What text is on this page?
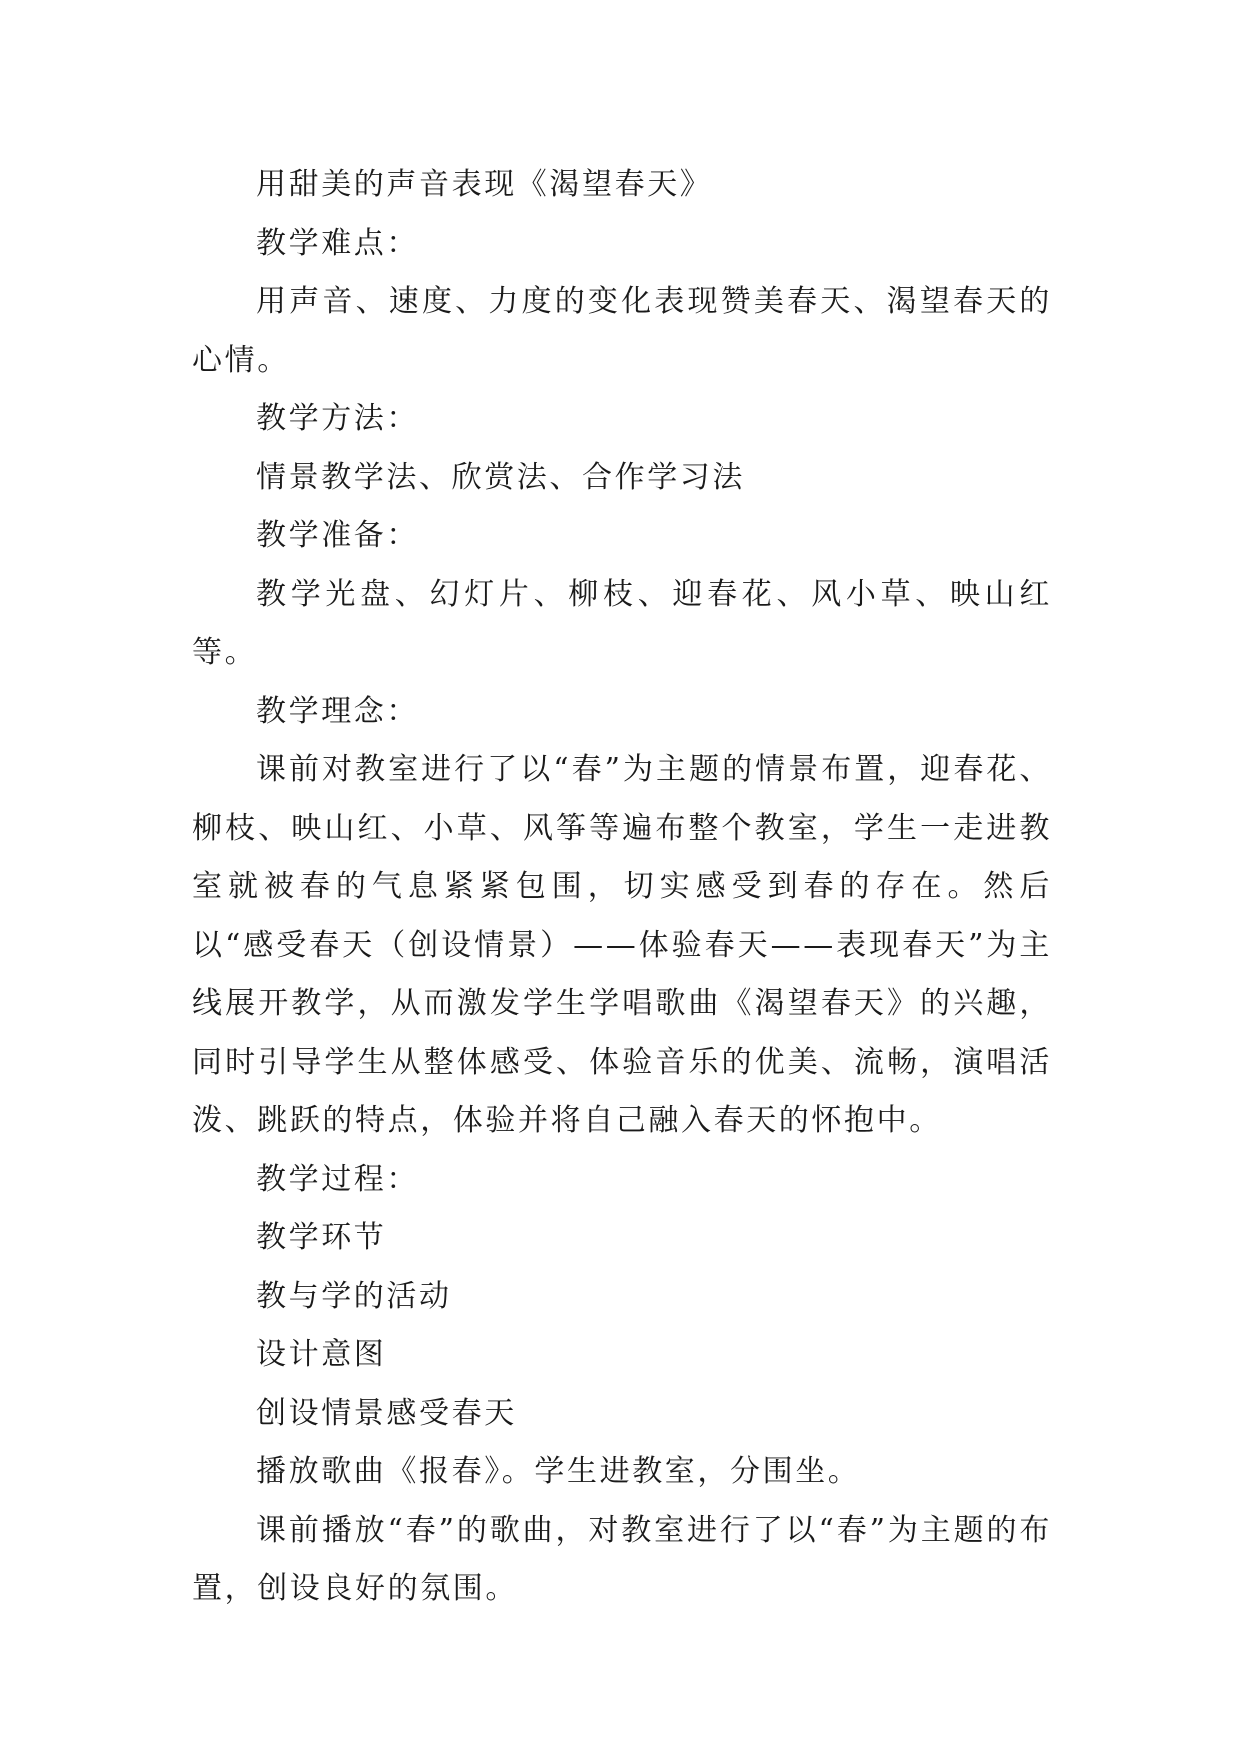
用甜美的声音表现《渴望春天》

教学难点：

用声音、速度、力度的变化表现赞美春天、渴望春天的心情。

教学方法：

情景教学法、欣赏法、合作学习法

教学准备：

教学光盘、幻灯片、柳枝、迎春花、风小草、映山红等。

教学理念：

课前对教室进行了以“春”为主题的情景布置，迎春花、柳枝、映山红、小草、风筝等遍布整个教室，学生一走进教室就被春的气息紧紧包围，切实感受到春的存在。然后以“感受春天（创设情景）——体验春天——表现春天”为主线展开教学，从而激发学生学唱歌曲《渴望春天》的兴趣，同时引导学生从整体感受、体验音乐的优美、流畅，演唱活泼、跳跃的特点，体验并将自己融入春天的怀抱中。

教学过程：

教学环节

教与学的活动

设计意图

创设情景感受春天

播放歌曲《报春》。学生进教室，分围坐。

课前播放“春”的歌曲，对教室进行了以“春”为主题的布置，创设良好的氛围。
